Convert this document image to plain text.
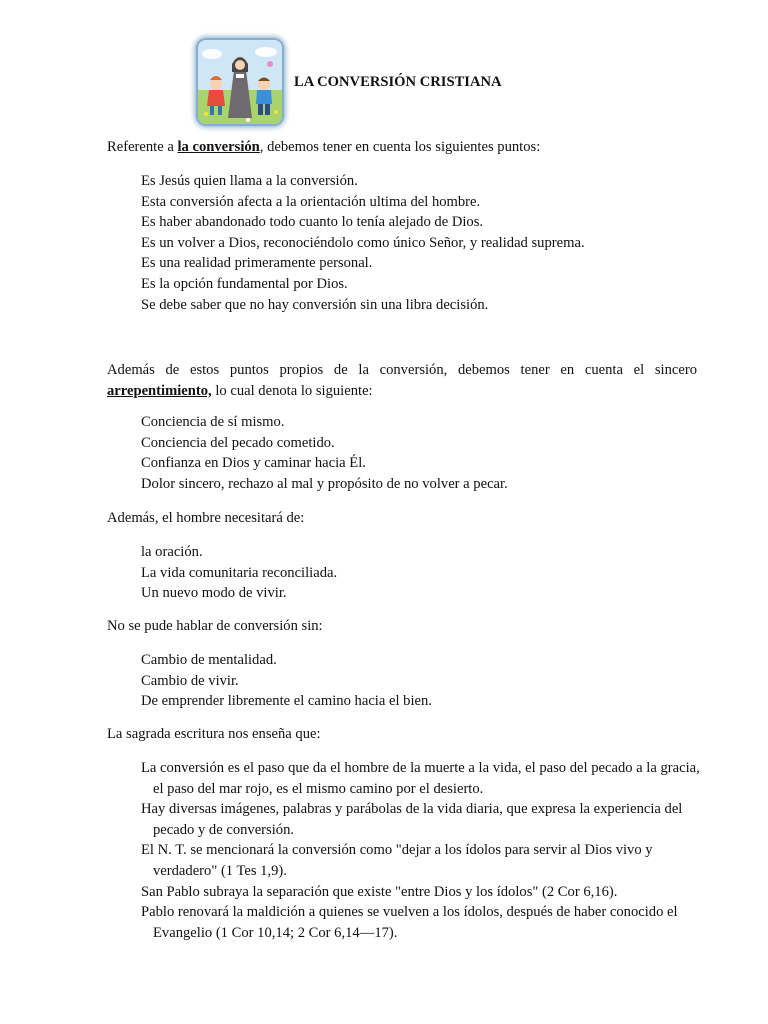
LA CONVERSIÓN CRISTIANA

Referente a la conversión, debemos tener en cuenta los siguientes puntos:

Es Jesús quien llama a la conversión.
Esta conversión afecta a la orientación ultima del hombre.
Es haber abandonado todo cuanto lo tenía alejado de Dios.
Es un volver a Dios, reconociéndolo como único Señor, y realidad suprema.
Es una realidad primeramente personal.
Es la opción fundamental por Dios.
Se debe saber que no hay conversión sin una libra decisión.

Además de estos puntos propios de la conversión, debemos tener en cuenta el sincero arrepentimiento, lo cual denota lo siguiente:

Conciencia de sí mismo.
Conciencia del pecado cometido.
Confianza en Dios y caminar hacia Él.
Dolor sincero, rechazo al mal y propósito de no volver a pecar.

Además, el hombre necesitará de:

la oración.
La vida comunitaria reconciliada.
Un nuevo modo de vivir.

No se pude hablar de conversión sin:

Cambio de mentalidad.
Cambio de vivir.
De emprender libremente el camino hacia el bien.

La sagrada escritura nos enseña que:

La conversión es el paso que da el hombre de la muerte a la vida, el paso del pecado a la gracia, el paso del mar rojo, es el mismo camino por el desierto.
Hay diversas imágenes, palabras y parábolas de la vida diaria, que expresa la experiencia del pecado y de conversión.
El N. T. se mencionará la conversión como "dejar a los ídolos para servir al Dios vivo y verdadero" (1 Tes 1,9).
San Pablo subraya la separación que existe "entre Dios y los ídolos" (2 Cor 6,16).
Pablo renovará la maldición a quienes se vuelven a los ídolos, después de haber conocido el Evangelio (1 Cor 10,14; 2 Cor 6,14—17).
